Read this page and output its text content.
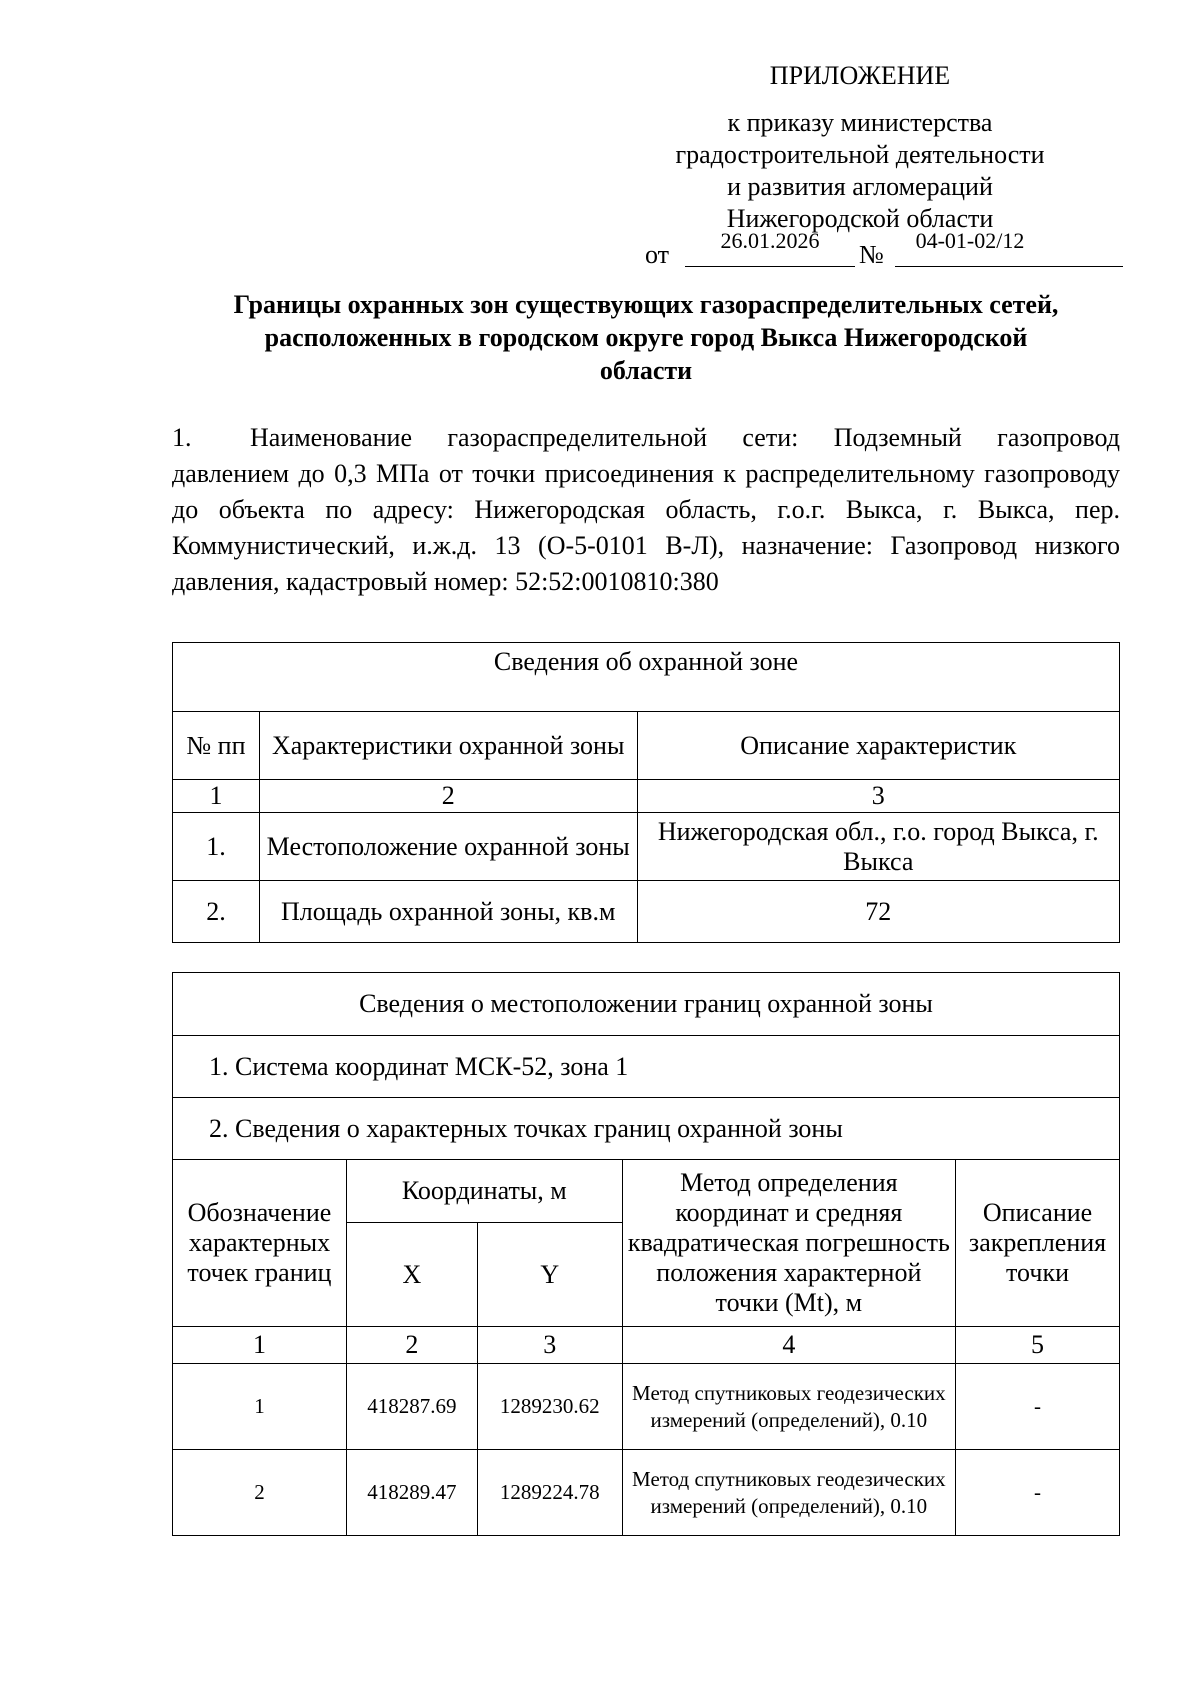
ПРИЛОЖЕНИЕ
к приказу министерства
градостроительной деятельности
и развития агломераций
Нижегородской области
от	26.01.2026	№	04-01-02/12
Границы охранных зон существующих газораспределительных сетей,
расположенных в городском округе город Выкса Нижегородской
области
1. Наименование газораспределительной сети: Подземный газопровод давлением до 0,3 МПа от точки присоединения к распределительному газопроводу до объекта по адресу: Нижегородская область, г.о.г. Выкса, г. Выкса, пер. Коммунистический, и.ж.д. 13 (О-5-0101 В-Л), назначение: Газопровод низкого давления, кадастровый номер: 52:52:0010810:380
Сведения об охранной зоне		
№ пп	Характеристики охранной зоны	Описание характеристик
1	2	3
1.	Местоположение охранной зоны	Нижегородская обл., г.о. город Выкса, г. Выкса
2.	Площадь охранной зоны, кв.м	72
Сведения о местоположении границ охранной зоны				
1. Система координат МСК-52, зона 1				
2. Сведения о характерных точках границ охранной зоны				
Обозначение характерных точек границ	Координаты, м		Метод определения координат и средняя квадратическая погрешность положения характерной точки (Mt), м	Описание закрепления точки
	X	Y		
1	2	3	4	5
1	418287.69	1289230.62	Метод спутниковых геодезических измерений (определений), 0.10	-
2	418289.47	1289224.78	Метод спутниковых геодезических измерений (определений), 0.10	-
